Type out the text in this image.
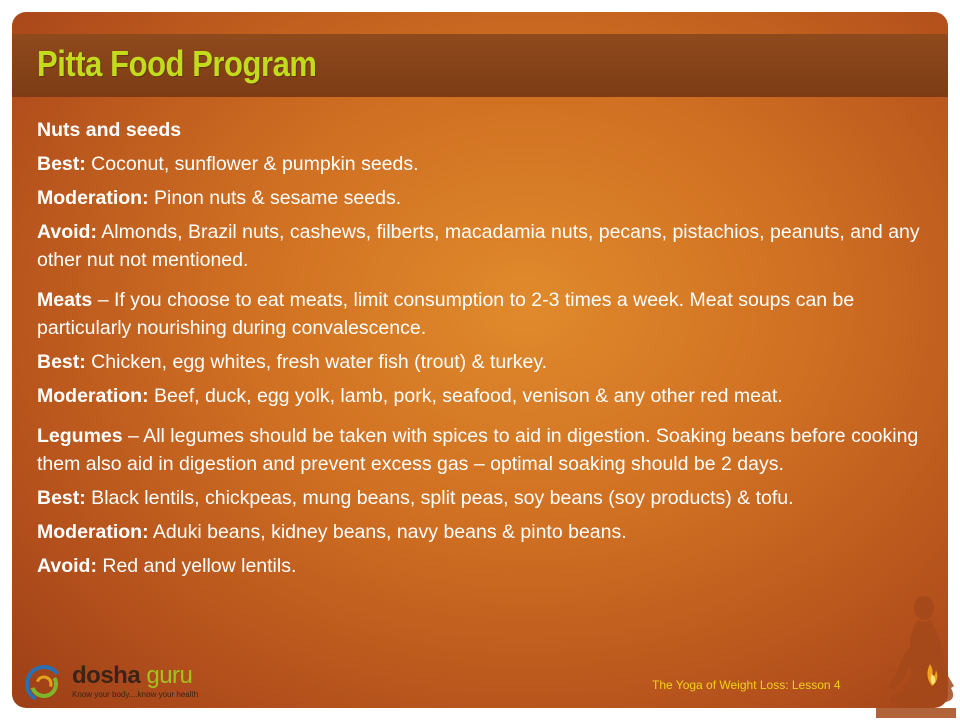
Pitta Food Program

Nuts and seeds

Best: Coconut, sunflower & pumpkin seeds.

Moderation: Pinon nuts & sesame seeds.

Avoid: Almonds, Brazil nuts, cashews, filberts, macadamia nuts, pecans, pistachios, peanuts, and any other nut not mentioned.

Meats – If you choose to eat meats, limit consumption to 2-3 times a week. Meat soups can be particularly nourishing during convalescence.

Best: Chicken, egg whites, fresh water fish (trout) & turkey.

Moderation: Beef, duck, egg yolk, lamb, pork, seafood, venison & any other red meat.

Legumes – All legumes should be taken with spices to aid in digestion. Soaking beans before cooking them also aid in digestion and prevent excess gas – optimal soaking should be 2 days.

Best: Black lentils, chickpeas, mung beans, split peas, soy beans (soy products) & tofu.

Moderation: Aduki beans, kidney beans, navy beans & pinto beans.

Avoid: Red and yellow lentils.

dosha guru
Know your body....know your health
The Yoga of Weight Loss: Lesson 4
